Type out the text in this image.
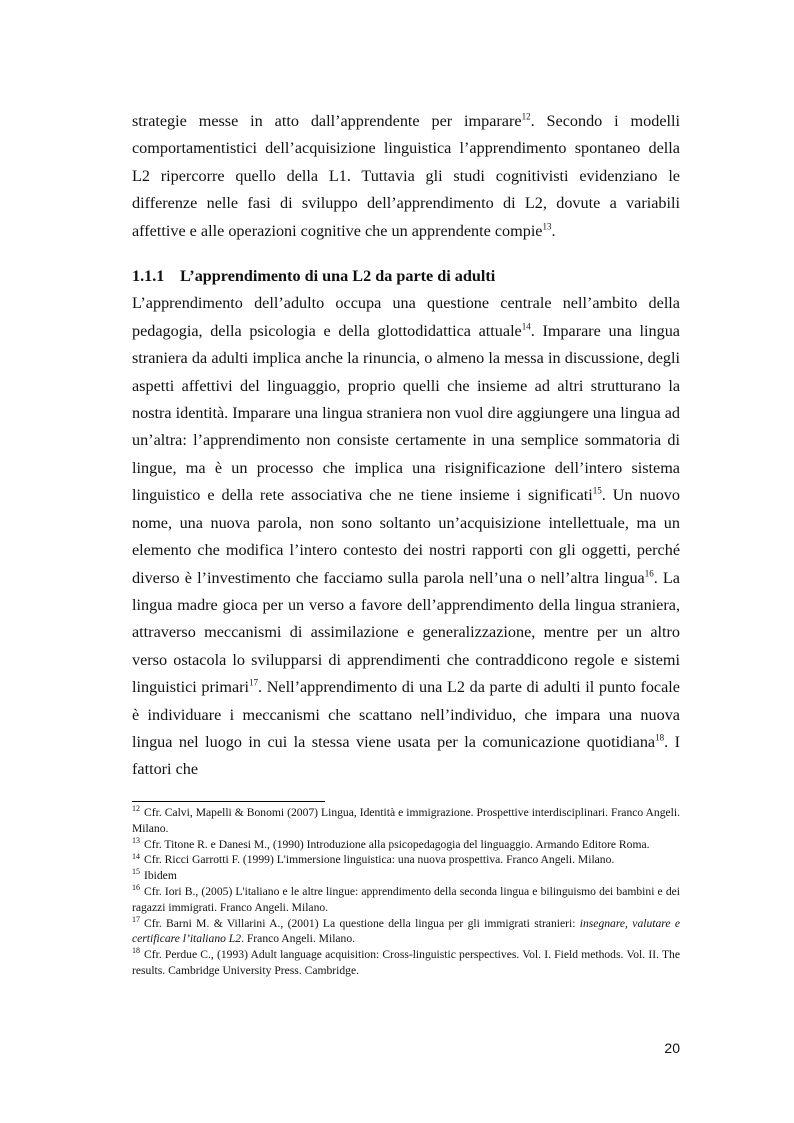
strategie messe in atto dall’apprendente per imparare$^{12}$. Secondo i modelli comportamentistici dell’acquisizione linguistica l’apprendimento spontaneo della L2 ripercorre quello della L1. Tuttavia gli studi cognitivisti evidenziano le differenze nelle fasi di sviluppo dell’apprendimento di L2, dovute a variabili affettive e alle operazioni cognitive che un apprendente compie$^{13}$.

1.1.1 L’apprendimento di una L2 da parte di adulti

L’apprendimento dell’adulto occupa una questione centrale nell’ambito della pedagogia, della psicologia e della glottodidattica attuale$^{14}$. Imparare una lingua straniera da adulti implica anche la rinuncia, o almeno la messa in discussione, degli aspetti affettivi del linguaggio, proprio quelli che insieme ad altri strutturano la nostra identità. Imparare una lingua straniera non vuol dire aggiungere una lingua ad un’altra: l’apprendimento non consiste certamente in una semplice sommatoria di lingue, ma è un processo che implica una risignificazione dell’intero sistema linguistico e della rete associativa che ne tiene insieme i significati$^{15}$. Un nuovo nome, una nuova parola, non sono soltanto un’acquisizione intellettuale, ma un elemento che modifica l’intero contesto dei nostri rapporti con gli oggetti, perché diverso è l’investimento che facciamo sulla parola nell’una o nell’altra lingua$^{16}$. La lingua madre gioca per un verso a favore dell’apprendimento della lingua straniera, attraverso meccanismi di assimilazione e generalizzazione, mentre per un altro verso ostacola lo svilupparsi di apprendimenti che contraddicono regole e sistemi linguistici primari$^{17}$. Nell’apprendimento di una L2 da parte di adulti il punto focale è individuare i meccanismi che scattano nell’individuo, che impara una nuova lingua nel luogo in cui la stessa viene usata per la comunicazione quotidiana$^{18}$. I fattori che

$^{12}$ Cfr. Calvi, Mapelli & Bonomi (2007) Lingua, Identità e immigrazione. Prospettive interdisciplinari. Franco Angeli. Milano.

$^{13}$ Cfr. Titone R. e Danesi M., (1990) Introduzione alla psicopedagogia del linguaggio. Armando Editore Roma.

$^{14}$ Cfr. Ricci Garrotti F. (1999) L'immersione linguistica: una nuova prospettiva. Franco Angeli. Milano.

$^{15}$ Ibidem

$^{16}$ Cfr. Iori B., (2005) L'italiano e le altre lingue: apprendimento della seconda lingua e bilinguismo dei bambini e dei ragazzi immigrati. Franco Angeli. Milano.

$^{17}$ Cfr. Barni M. & Villarini A., (2001) La questione della lingua per gli immigrati stranieri: insegnare, valutare e certificare l’italiano L2. Franco Angeli. Milano.

$^{18}$ Cfr. Perdue C., (1993) Adult language acquisition: Cross-linguistic perspectives. Vol. I. Field methods. Vol. II. The results. Cambridge University Press. Cambridge.

20
